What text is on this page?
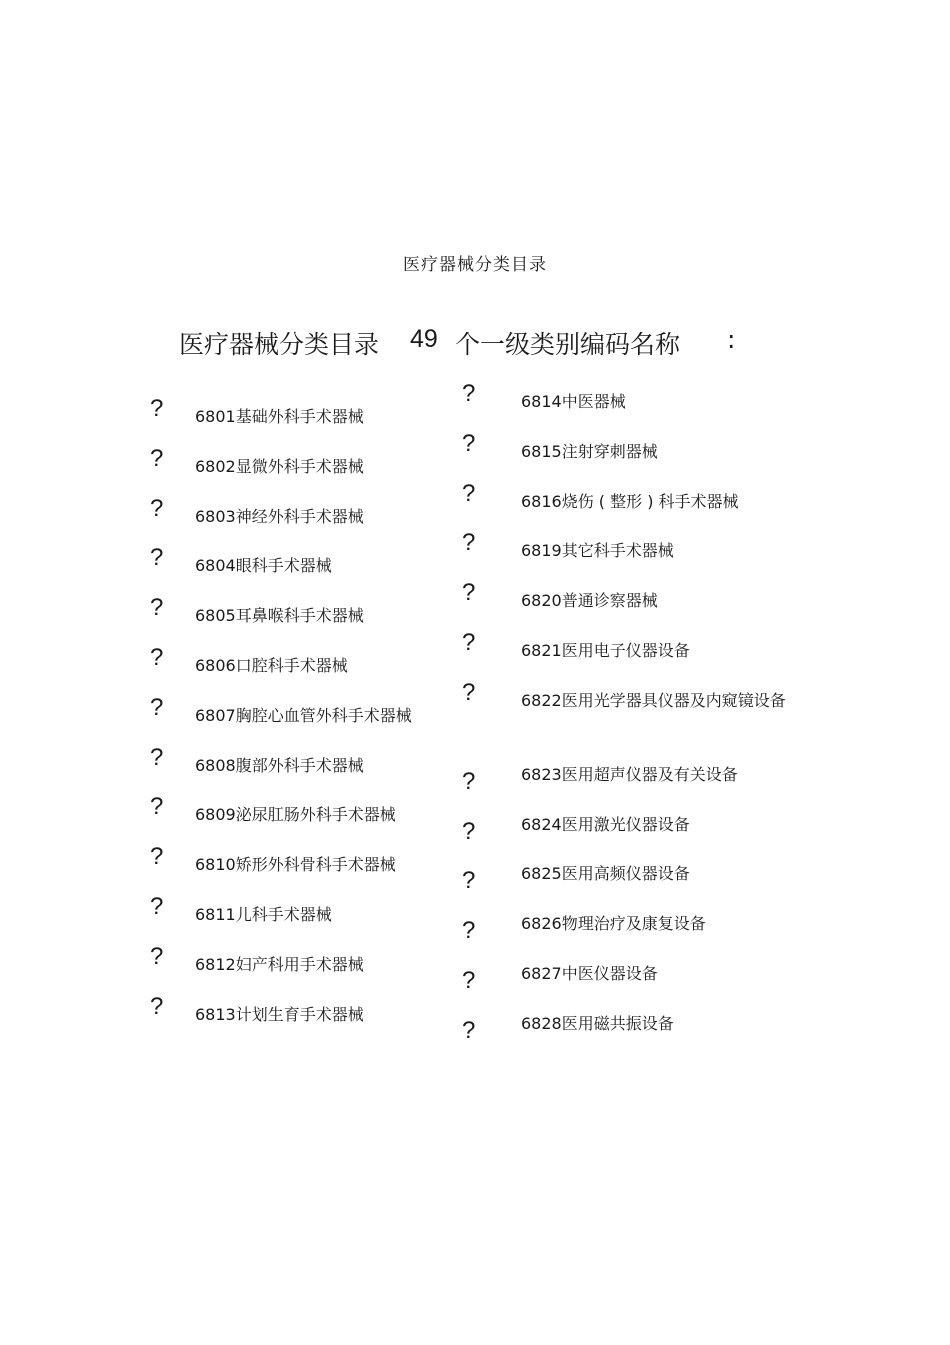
医疗器械分类目录
医疗器械分类目录 49 个一级类别编码名称 :
? 6801基础外科手术器械
? 6802显微外科手术器械
? 6803神经外科手术器械
? 6804眼科手术器械
? 6805耳鼻喉科手术器械
? 6806口腔科手术器械
? 6807胸腔心血管外科手术器械
? 6808腹部外科手术器械
? 6809泌尿肛肠外科手术器械
? 6810矫形外科骨科手术器械
? 6811儿科手术器械
? 6812妇产科用手术器械
? 6813计划生育手术器械
?	6814中医器械
?	6815注射穿刺器械
?	6816烧伤 ( 整形 ) 科手术器械
?	6819其它科手术器械
?	6820普通诊察器械
?	6821医用电子仪器设备
?	6822医用光学器具仪器及内窥镜设备
?	6823医用超声仪器及有关设备
?	6824医用激光仪器设备
?	6825医用高频仪器设备
?	6826物理治疗及康复设备
?	6827中医仪器设备
?	6828医用磁共振设备
